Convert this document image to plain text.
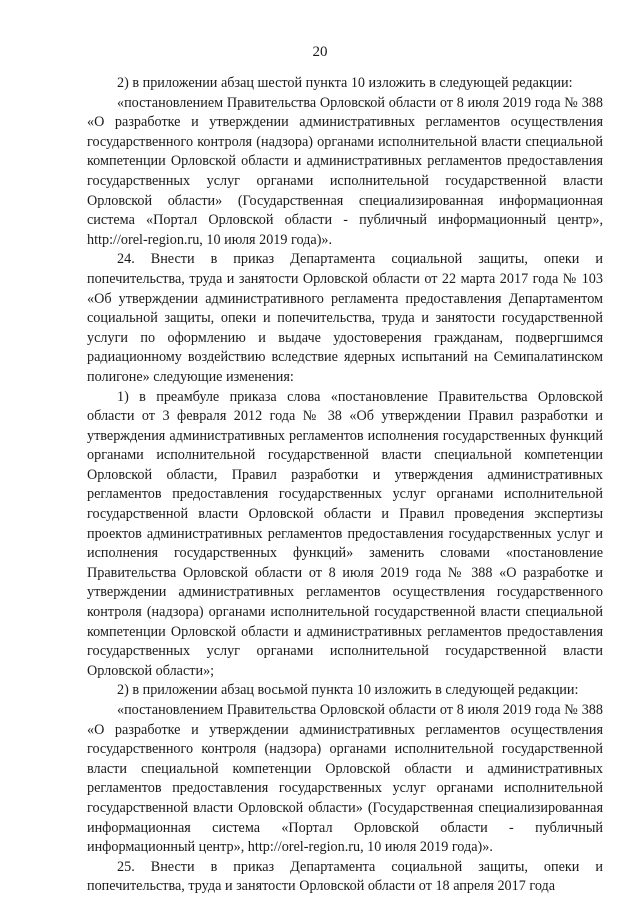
20

2) в приложении абзац шестой пункта 10 изложить в следующей редакции:

«постановлением Правительства Орловской области от 8 июля 2019 года № 388 «О разработке и утверждении административных регламентов осуществления государственного контроля (надзора) органами исполнительной власти специальной компетенции Орловской области и административных регламентов предоставления государственных услуг органами исполнительной государственной власти Орловской области» (Государственная специализированная информационная система «Портал Орловской области - публичный информационный центр», http://orel-region.ru, 10 июля 2019 года)».

24. Внести в приказ Департамента социальной защиты, опеки и попечительства, труда и занятости Орловской области от 22 марта 2017 года № 103 «Об утверждении административного регламента предоставления Департаментом социальной защиты, опеки и попечительства, труда и занятости государственной услуги по оформлению и выдаче удостоверения гражданам, подвергшимся радиационному воздействию вследствие ядерных испытаний на Семипалатинском полигоне» следующие изменения:

1) в преамбуле приказа слова «постановление Правительства Орловской области от 3 февраля 2012 года № 38 «Об утверждении Правил разработки и утверждения административных регламентов исполнения государственных функций органами исполнительной государственной власти специальной компетенции Орловской области, Правил разработки и утверждения административных регламентов предоставления государственных услуг органами исполнительной государственной власти Орловской области и Правил проведения экспертизы проектов административных регламентов предоставления государственных услуг и исполнения государственных функций» заменить словами «постановление Правительства Орловской области от 8 июля 2019 года № 388 «О разработке и утверждении административных регламентов осуществления государственного контроля (надзора) органами исполнительной государственной власти специальной компетенции Орловской области и административных регламентов предоставления государственных услуг органами исполнительной государственной власти Орловской области»;

2) в приложении абзац восьмой пункта 10 изложить в следующей редакции:

«постановлением Правительства Орловской области от 8 июля 2019 года № 388 «О разработке и утверждении административных регламентов осуществления государственного контроля (надзора) органами исполнительной государственной власти специальной компетенции Орловской области и административных регламентов предоставления государственных услуг органами исполнительной государственной власти Орловской области» (Государственная специализированная информационная система «Портал Орловской области - публичный информационный центр», http://orel-region.ru, 10 июля 2019 года)».

25. Внести в приказ Департамента социальной защиты, опеки и попечительства, труда и занятости Орловской области от 18 апреля 2017 года
